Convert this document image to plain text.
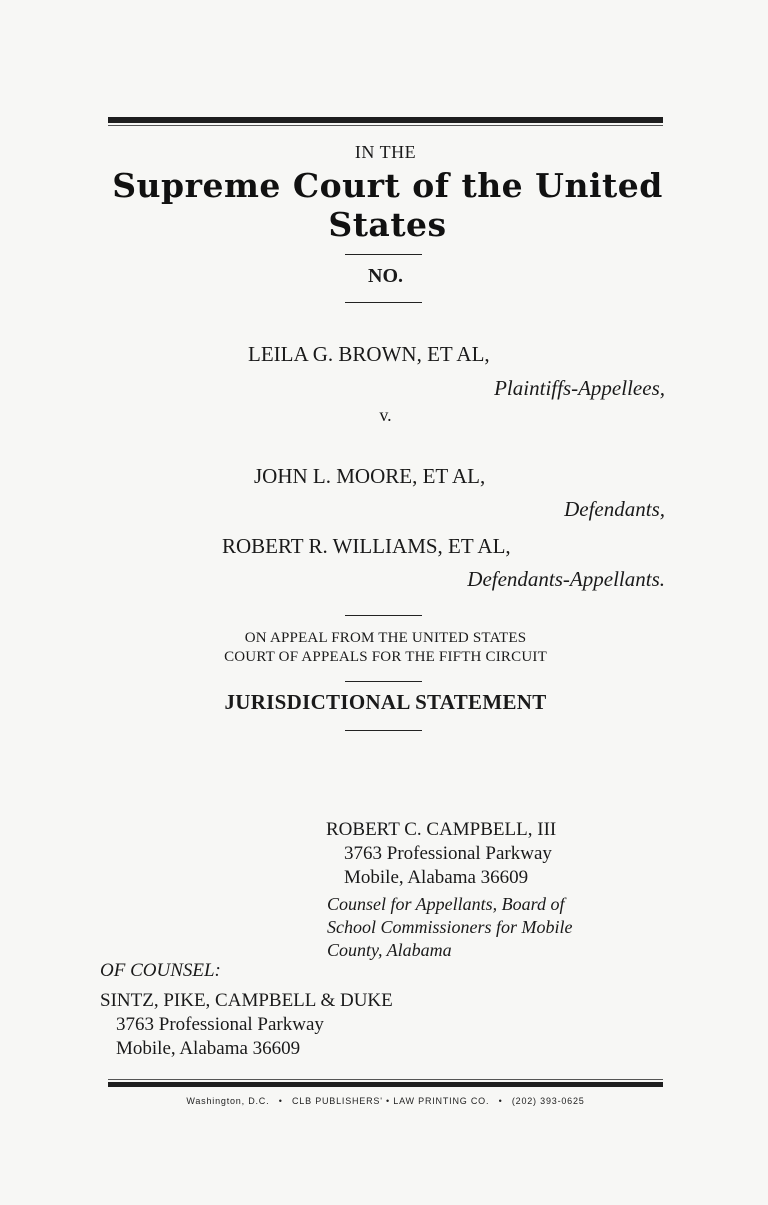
IN THE
Supreme Court of the United States
NO.
LEILA G. BROWN, ET AL,
Plaintiffs-Appellees,
v.
JOHN L. MOORE, ET AL,
Defendants,
ROBERT R. WILLIAMS, ET AL,
Defendants-Appellants.
ON APPEAL FROM THE UNITED STATES
COURT OF APPEALS FOR THE FIFTH CIRCUIT
JURISDICTIONAL STATEMENT
ROBERT C. CAMPBELL, III
3763 Professional Parkway
Mobile, Alabama 36609
Counsel for Appellants, Board of
School Commissioners for Mobile
County, Alabama
OF COUNSEL:
SINTZ, PIKE, CAMPBELL & DUKE
3763 Professional Parkway
Mobile, Alabama 36609
Washington, D.C. • CLB PUBLISHERS' • LAW PRINTING CO. • (202) 393-0625
